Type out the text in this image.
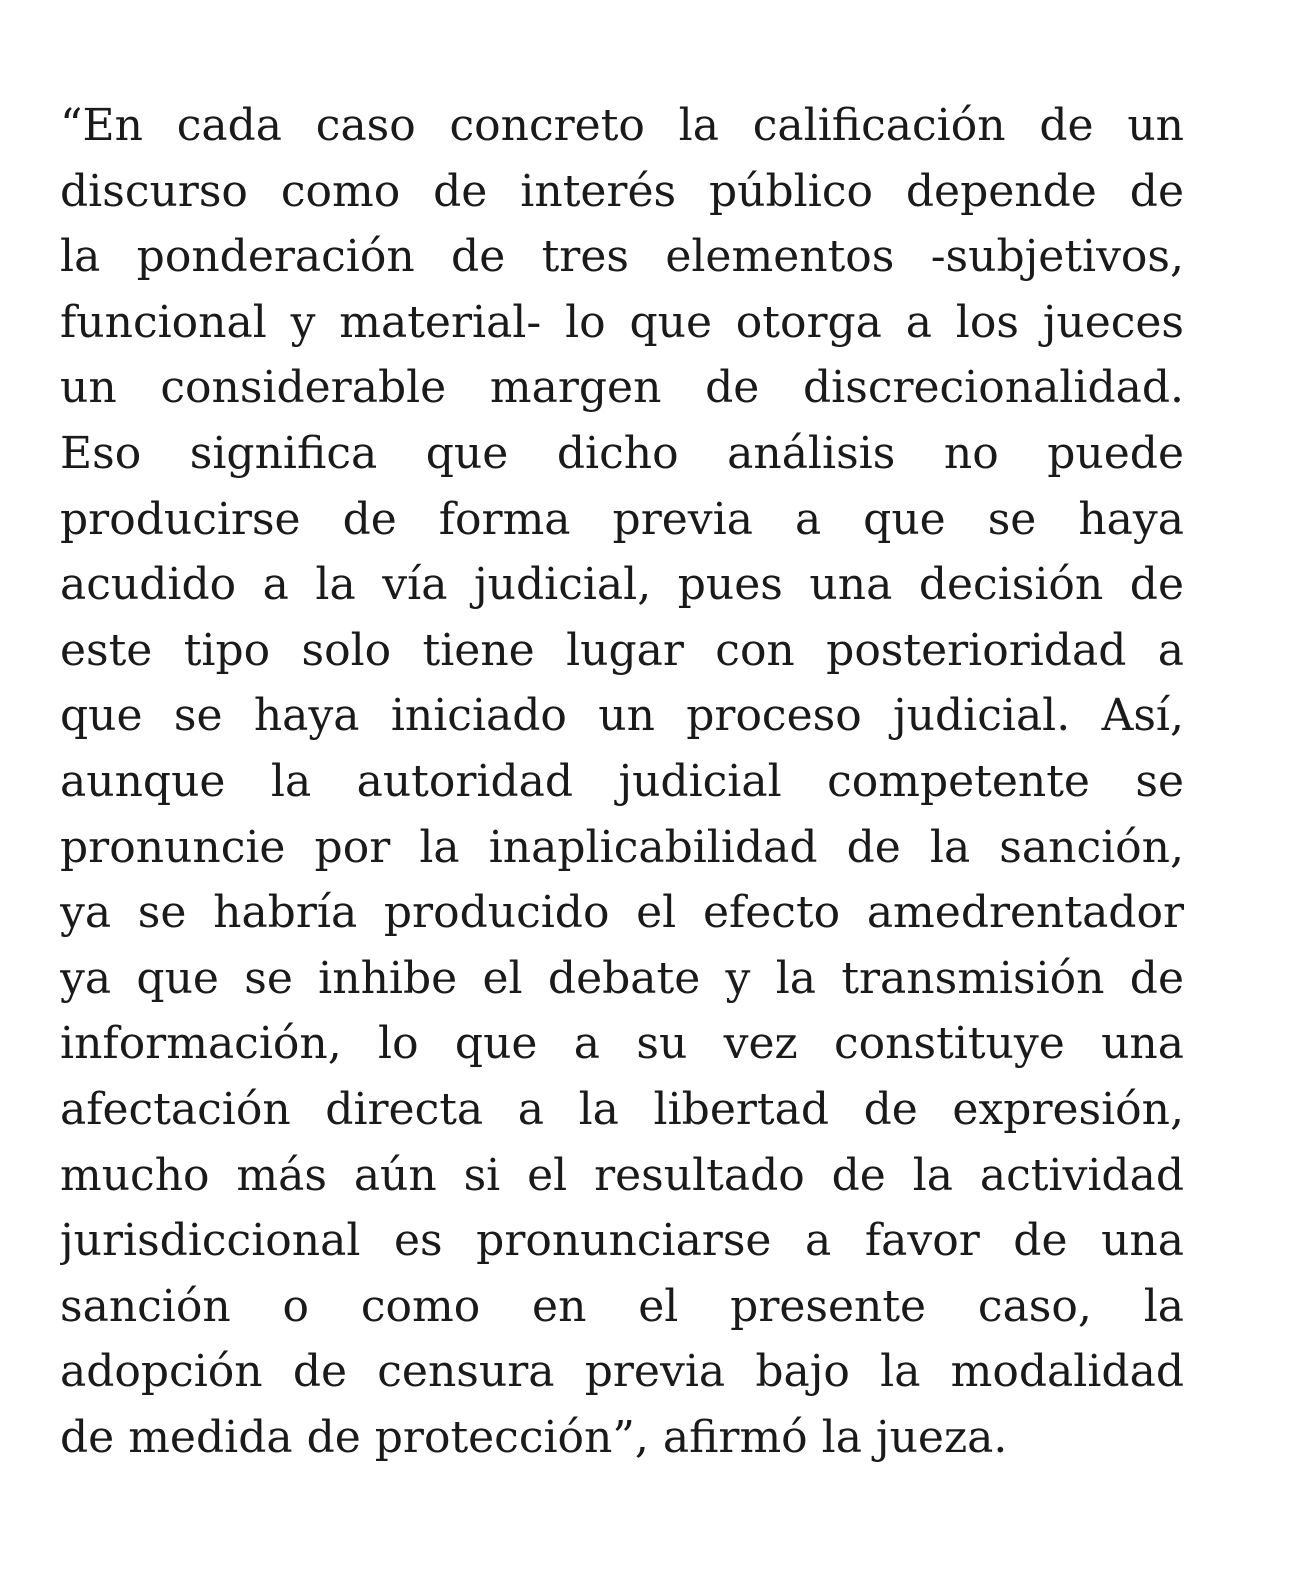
“En cada caso concreto la calificación de un
discurso como de interés público depende de
la ponderación de tres elementos -subjetivos,
funcional y material- lo que otorga a los jueces
un considerable margen de discrecionalidad.
Eso significa que dicho análisis no puede
producirse de forma previa a que se haya
acudido a la vía judicial, pues una decisión de
este tipo solo tiene lugar con posterioridad a
que se haya iniciado un proceso judicial. Así,
aunque la autoridad judicial competente se
pronuncie por la inaplicabilidad de la sanción,
ya se habría producido el efecto amedrentador
ya que se inhibe el debate y la transmisión de
información, lo que a su vez constituye una
afectación directa a la libertad de expresión,
mucho más aún si el resultado de la actividad
jurisdiccional es pronunciarse a favor de una
sanción o como en el presente caso, la
adopción de censura previa bajo la modalidad
de medida de protección”, afirmó la jueza.
